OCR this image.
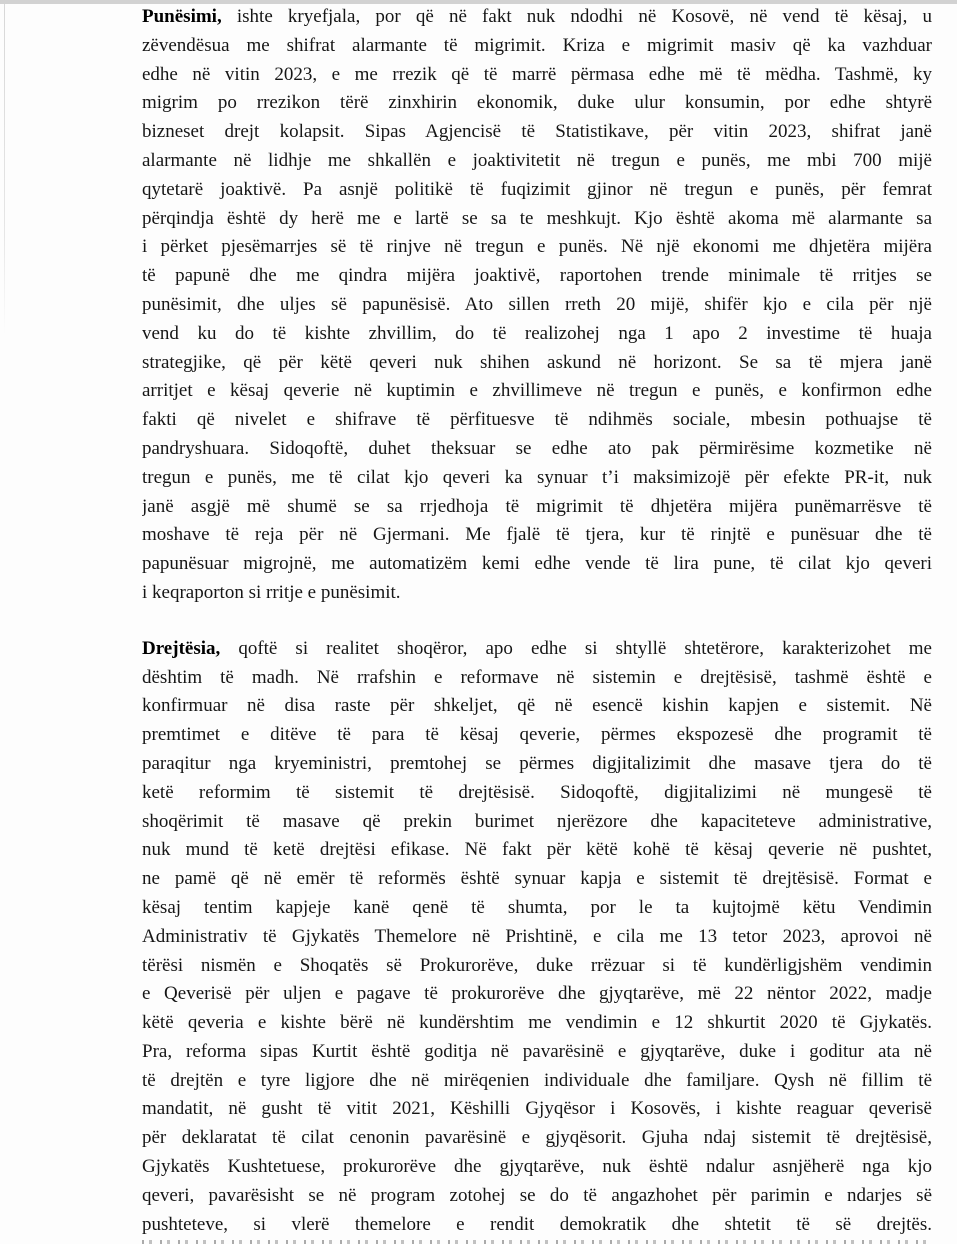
Punësimi, ishte kryefjala, por që në fakt nuk ndodhi në Kosovë, në vend të kësaj, u
zëvendësua me shifrat alarmante të migrimit. Kriza e migrimit masiv që ka vazhduar
edhe në vitin 2023, e me rrezik që të marrë përmasa edhe më të mëdha. Tashmë, ky
migrim po rrezikon tërë zinxhirin ekonomik, duke ulur konsumin, por edhe shtyrë
bizneset drejt kolapsit. Sipas Agjencisë të Statistikave, për vitin 2023, shifrat janë
alarmante në lidhje me shkallën e joaktivitetit në tregun e punës, me mbi 700 mijë
qytetarë joaktivë. Pa asnjë politikë të fuqizimit gjinor në tregun e punës, për femrat
përqindja është dy herë me e lartë se sa te meshkujt. Kjo është akoma më alarmante sa
i përket pjesëmarrjes së të rinjve në tregun e punës. Në një ekonomi me dhjetëra mijëra
të papunë dhe me qindra mijëra joaktivë, raportohen trende minimale të rritjes se
punësimit, dhe uljes së papunësisë. Ato sillen rreth 20 mijë, shifër kjo e cila për një
vend ku do të kishte zhvillim, do të realizohej nga 1 apo 2 investime të huaja
strategjike, që për këtë qeveri nuk shihen askund në horizont. Se sa të mjera janë
arritjet e kësaj qeverie në kuptimin e zhvillimeve në tregun e punës, e konfirmon edhe
fakti që nivelet e shifrave të përfituesve të ndihmës sociale, mbesin pothuajse të
pandryshuara. Sidoqoftë, duhet theksuar se edhe ato pak përmirësime kozmetike në
tregun e punës, me të cilat kjo qeveri ka synuar t’i maksimizojë për efekte PR-it, nuk
janë asgjë më shumë se sa rrjedhoja të migrimit të dhjetëra mijëra punëmarrësve të
moshave të reja për në Gjermani. Me fjalë të tjera, kur të rinjtë e punësuar dhe të
papunësuar migrojnë, me automatizëm kemi edhe vende të lira pune, të cilat kjo qeveri
i keqraporton si rritje e punësimit.
Drejtësia, qoftë si realitet shoqëror, apo edhe si shtyllë shtetërore, karakterizohet me
dështim të madh. Në rrafshin e reformave në sistemin e drejtësisë, tashmë është e
konfirmuar në disa raste për shkeljet, që në esencë kishin kapjen e sistemit. Në
premtimet e ditëve të para të kësaj qeverie, përmes ekspozesë dhe programit të
paraqitur nga kryeministri, premtohej se përmes digjitalizimit dhe masave tjera do të
ketë reformim të sistemit të drejtësisë. Sidoqoftë, digjitalizimi në mungesë të
shoqërimit të masave që prekin burimet njerëzore dhe kapaciteteve administrative,
nuk mund të ketë drejtësi efikase. Në fakt për këtë kohë të kësaj qeverie në pushtet,
ne pamë që në emër të reformës është synuar kapja e sistemit të drejtësisë. Format e
kësaj tentim kapjeje kanë qenë të shumta, por le ta kujtojmë këtu Vendimin
Administrativ të Gjykatës Themelore në Prishtinë, e cila me 13 tetor 2023, aprovoi në
tërësi nismën e Shoqatës së Prokurorëve, duke rrëzuar si të kundërligjshëm vendimin
e Qeverisë për uljen e pagave të prokurorëve dhe gjyqtarëve, më 22 nëntor 2022, madje
këtë qeveria e kishte bërë në kundërshtim me vendimin e 12 shkurtit 2020 të Gjykatës.
Pra, reforma sipas Kurtit është goditja në pavarësinë e gjyqtarëve, duke i goditur ata në
të drejtën e tyre ligjore dhe në mirëqenien individuale dhe familjare. Qysh në fillim të
mandatit, në gusht të vitit 2021, Këshilli Gjyqësor i Kosovës, i kishte reaguar qeverisë
për deklaratat të cilat cenonin pavarësinë e gjyqësorit. Gjuha ndaj sistemit të drejtësisë,
Gjykatës Kushtetuese, prokurorëve dhe gjyqtarëve, nuk është ndalur asnjëherë nga kjo
qeveri, pavarësisht se në program zotohej se do të angazhohet për parimin e ndarjes së
pushteteve, si vlerë themelore e rendit demokratik dhe shtetit të së drejtës.
